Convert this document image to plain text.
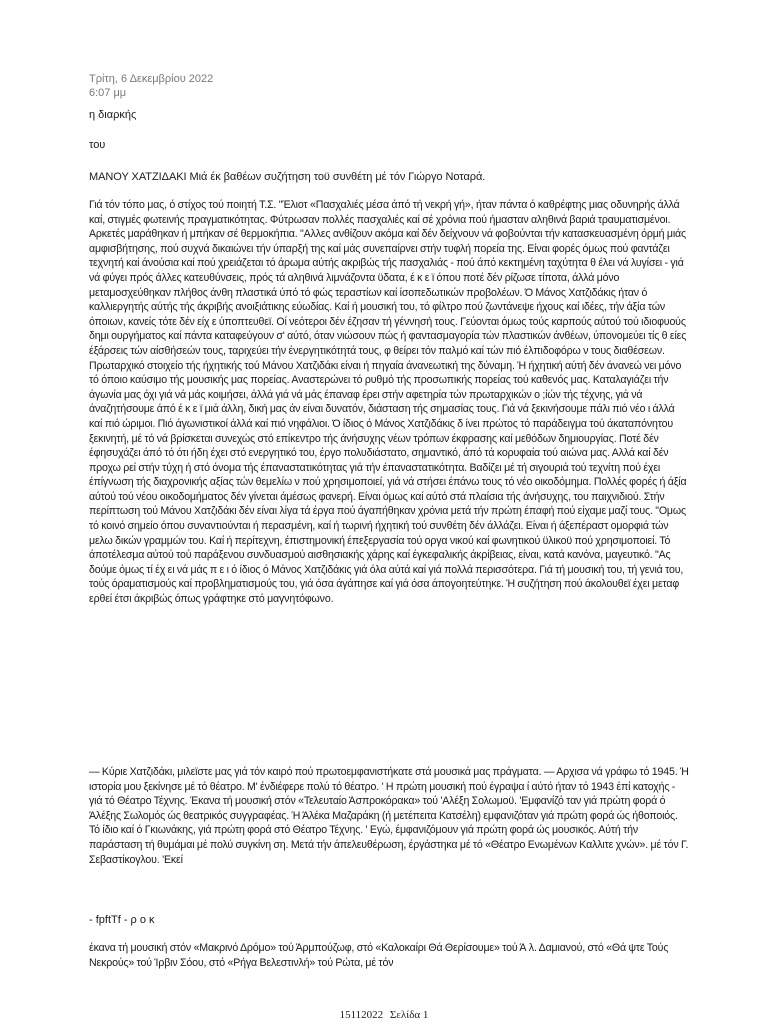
Τρίτη, 6 Δεκεμβρίου 2022
6:07 μμ
η διαρκής
του
ΜΑΝΟΥ ΧΑΤΖΙΔΑΚΙ Μιά έκ βαθέων συζήτηση τοϋ συνθέτη μέ τόν Γιώργο Νοταρά.
Γιά τόν τόπο μας, ό στίχος τού ποιητή Τ.Σ. "Έλιοτ «Πασχαλιές μέσα άπό τή νεκρή γή», ήταν πάντα ό καθρέφτης μιας οδυνηρής άλλά καί, στιγμές φωτεινής πραγματικότητας. Φύτρωσαν πολλές πασχαλιές καί σέ χρόνια πού ήμασταν αληθινά βαριά τραυματισμένοι. Αρκετές μαράθηκαν ή μπήκαν σέ θερμοκήπια. "Αλλες ανθίζουν ακόμα καί δέν δείχνουν νά φοβούνται τήν κατασκευασμένη όρμή μιάς αμφισβήτησης, πού συχνά δικαιώνει τήν ύπαρξή της καί μάς συνεπαίρνει στήν τυφλή πορεία της. Είναι φορές όμως πού φαντάζει τεχνητή καί άνούσια καί πού χρειάζεται τό άρωμα αύτής ακριβώς τής πασχαλιάς - πού άπό κεκτημένη ταχύτητα θ έλει νά λυγίσει - γιά νά φύγει πρός άλλες κατευθύνσεις, πρός τά αληθινά λιμνάζοντα ϋδατα, έ κ ε ϊ όπου ποτέ δέν ρίζωσε τίποτα, άλλά μόνο μεταμοσχεύθηκαν πλήθος άνθη πλαστικά ύπό τό φώς τεραστίων καί ίσοπεδωτικών προβολέων. Ό Μάνος Χατζιδάκις ήταν ό καλλιεργητής αύτής τής άκριβής ανοιξιάτικης εύωδίας. Καί ή μουσική του, τό φίλτρο πού ζωντάνεψε ήχους καί ιδέες, τήν άξία τών όποιων, κανείς τότε δέν είχ ε ύποπτευθεϊ. Οί νεότεροι δέν έζησαν τή γέννησή τους. Γεύονται όμως τούς καρπούς αύτού τού ιδιοφυούς δημι ουργήματος καί πάντα καταφεύγουν σ' αύτό, όταν νιώσουν πώς ή φαντασμαγορία τών πλαστικών άνθέων, ύπονομεύει τίς θ είες έξάρσεις τών αίσθήσεών τους, ταριχεύει τήν ένεργητικότητά τους, φ θείρει τόν παλμό καί τών πιό έλπιδοφόρω ν τους διαθέσεων. Πρωταρχικό στοιχείο τής ήχητικής τού Μάνου Χατζιδάκι είναι ή πηγαία άνανεωτική της δύναμη. Ή ήχητική αύτή δέν άνανεώ νει μόνο τό όποιο καύσιμο τής μουσικής μας πορείας. Αναστερώνει τό ρυθμό τής προσωπικής πορείας τού καθενός μας. Καταλαγιάζει τήν άγωνία μας όχι γιά νά μάς κοιμήσει, άλλά γιά νά μάς έπαναφ έρει στήν αφετηρία τών πρωταρχικών ο ;ίών τής τέχνης, γιά νά άναζητήσουμε άπό έ κ ε ϊ μιά άλλη, δική μας άν είναι δυνατόν, διάσταση τής σημασίας τους. Γιά νά ξεκινήσουμε πάλι πιό νέο ι άλλά καί πιό ώριμοι. Πιό άγωνιστικοί άλλά καί πιό νηφάλιοι. Ό ίδιος ό Μάνος Χατζιδάκις δ ίνει πρώτος τό παράδειγμα τού άκαταπόνητου ξεκινητή, μέ τό νά βρίσκεται συνεχώς στό επίκεντρο τής άνήσυχης νέων τρόπων έκφρασης καί μεθόδων δημιουργίας. Ποτέ δέν έφησυχάζει άπό τό ότι ήδη έχει στό ενεργητικό του, έργο πολυδιάστατο, σημαντικό, άπό τά κορυφαία τού αιώνα μας. Αλλά καί δέν προχω ρεί στήν τύχη ή στό όνομα τής έπαναστατικότητας γιά τήν έπαναστατικότητα. Βαδίζει μέ τή σιγουριά τού τεχνίτη πού έχει έπίγνωση τής διαχρονικής αξίας τών θεμελίω ν πού χρησιμοποιεί, γιά νά στήσει έπάνω τους τό νέο οικοδόμημα. Πολλές φορές ή άξία αύτού τού νέου οικοδομήματος δέν γίνεται άμέσως φανερή. Είναι όμως καί αύτό στά πλαίσια τής άνήσυχης, του παιχνιδιού. Στήν περίπτωση τού Μάνου Χατζιδάκι δέν είναι λίγα τά έργα πού άγαπήθηκαν χρόνια μετά τήν πρώτη έπαφή πού είχαμε μαζί τους. "Ομως τό κοινό σημείο όπου συναντιούνται ή περασμένη, καί ή τωρινή ήχητική τού συνθέτη δέν άλλάζει. Είναι ή άξεπέραστ ομορφιά τών μελω δικών γραμμών του. Καί ή περίτεχνη, έπιστημονική έπεξεργασία τού οργα νικού καί φωνητικού ϋλικοϋ πού χρησιμοποιεί. Τό άποτέλεσμα αύτού τού παράξενου συνδυασμού αισθησιακής χάρης καί έγκεφαλικής άκρίβειας, είναι, κατά κανόνα, μαγευτικό. "Ας δούμε όμως τί έχ ει νά μάς π ε ι ό ίδιος ό Μάνος Χατζιδάκις γιά όλα αύτά καί γιά πολλά περισσότερα. Γιά τή μουσική του, τή γενιά του, τούς όραματισμούς καί προβληματισμούς του, γιά όσα άγάπησε καί γιά όσα άπογοητεύτηκε. Ή συζήτηση πού άκολουθεϊ έχει μεταφ ερθεί έτσι άκριβώς όπως γράφτηκε στό μαγνητόφωνο.
— Κύριε Χατζιδάκι, μιλεϊστε μας γιά τόν καιρό πού πρωτοεμφανιστήκατε στά μουσικά μας πράγματα. — Αρχισα νά γράφω τό 1945. Ή ιστορία μου ξεκίνησε μέ τό θέατρο. Μ' ένδιέφερε πολύ τό θέατρο. ' Η πρώτη μουσική πού έγραψα ί αύτό ήταν τό 1943 έπί κατοχής - γιά τό Θέατρο Τέχνης. Έκανα τή μουσική στόν «Τελευταίο Άσπροκόρακα» τού 'Αλέξη Σολωμοϋ. 'Εμφανίζό ταν γιά πρώτη φορά ό Άλέξης Σωλομός ώς θεατρικός συγγραφέας. Ή Άλέκα Μαζαράκη (ή μετέπειτα Κατσέλη) εμφανιζόταν γιά πρώτη φορά ώς ήθοποιός. Τό ίδιο καί ό Γκιωνάκης, γιά πρώτη φορά στό Θέατρο Τέχνης. ' Εγώ, έμφανιζόμουν γιά πρώτη φορά ώς μουσικός. Αύτή τήν παράσταση τή θυμάμαι μέ πολύ συγκίνη ση. Μετά τήν άπελευθέρωση, έργάστηκα μέ τό «Θέατρο Ενωμένων Καλλιτε χνών». μέ τόν Γ. Σεβαστίκογλου. 'Εκεί
- fpftTf - ρ ο κ
έκανα τή μουσική στόν «Μακρινό Δρόμο» τού Άρμπούζωφ, στό «Καλοκαίρι Θά Θερίσουμε» τού Ά λ. Δαμιανού, στό «Θά ψτε Τούς Νεκρούς» τού Ίρβιν Σόου, στό «Ρήγα Βελεστινλή» τού Ρώτα, μέ τόν
15112022 Σελίδα 1
